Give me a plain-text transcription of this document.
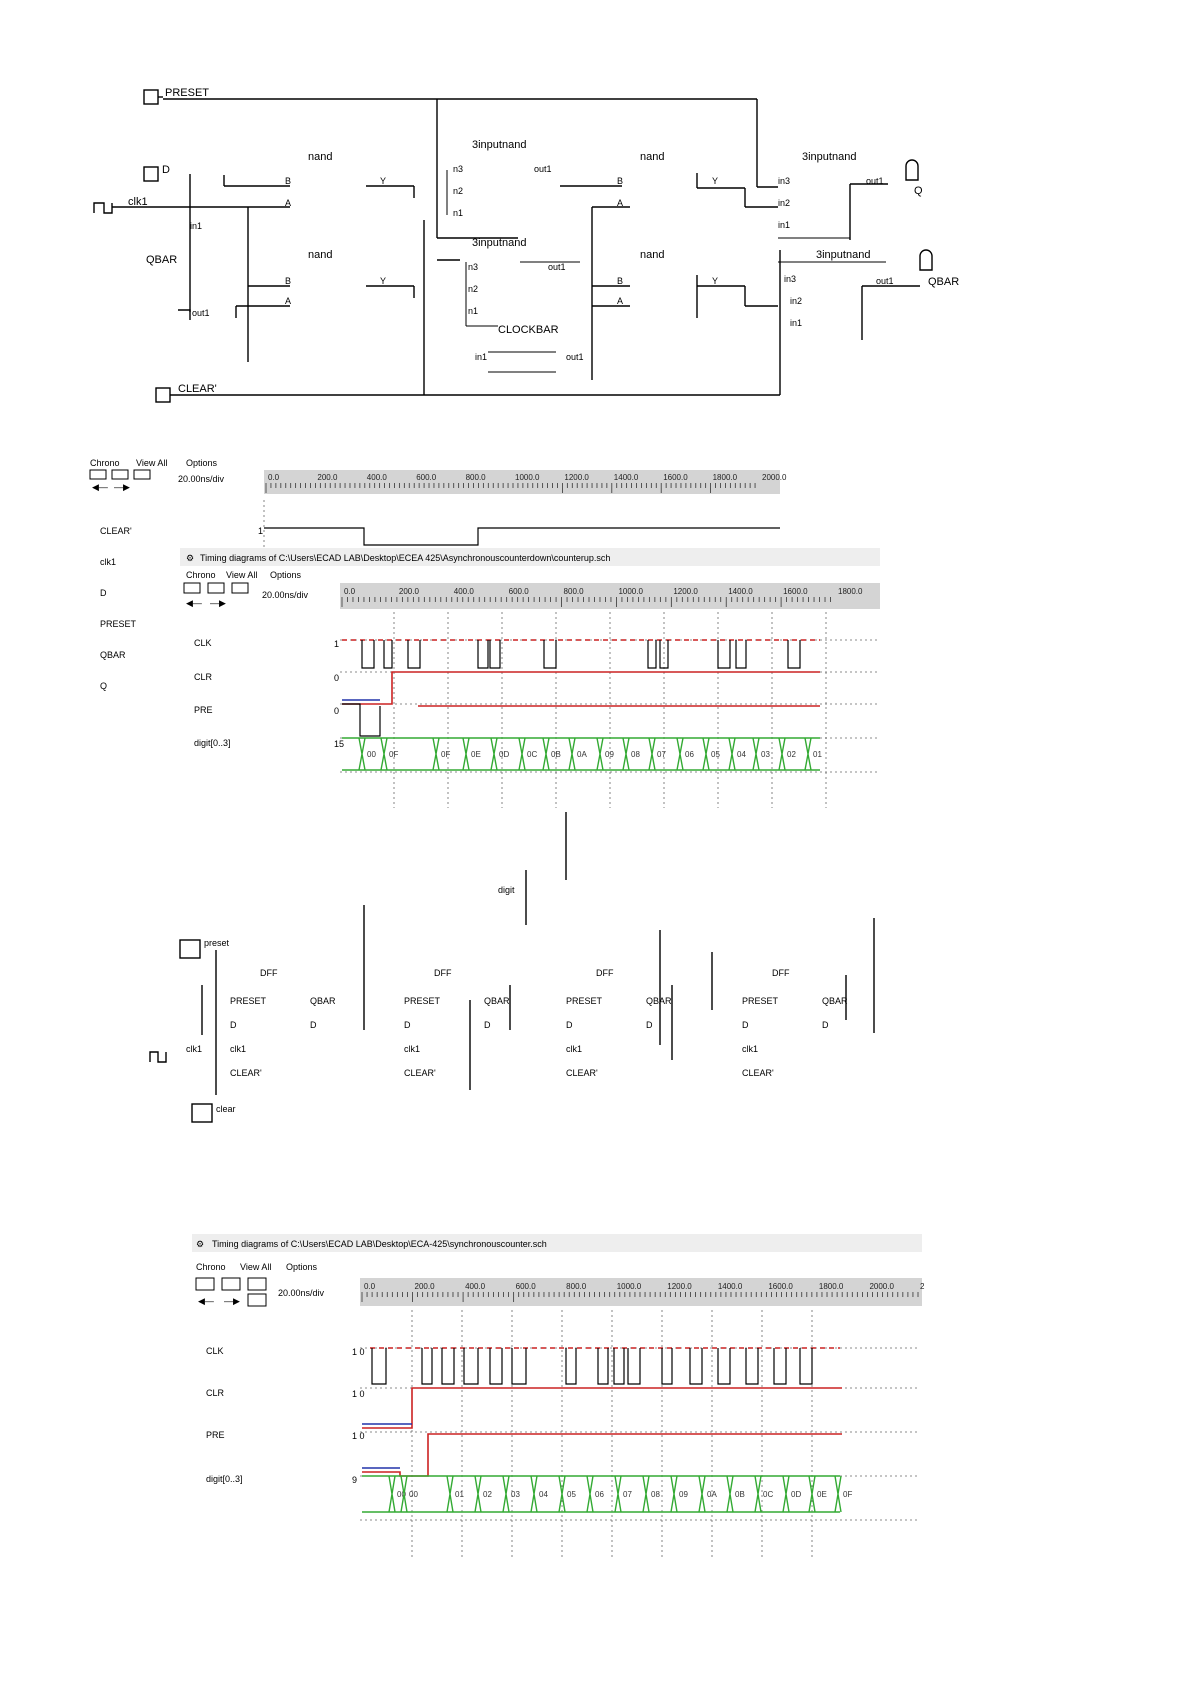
PRESET
D
clk1
in1
QBAR
out1
nand
B
A
Y
nand
B
A
Y
3inputnand
n3
n2
n1
out1
3inputnand
n3
n2
n1
out1
CLOCKBAR
in1	out1
nand
B
A
Y
nand
B
A
Y
3inputnand
in3
in2
in1
out1
Q
3inputnand
in3
in2
in1
out1	QBAR
CLEAR'
Chrono View All Options
◀— —▶
20.00ns/div	0.0	200.0	400.0	600.0	800.0	1000.0	1200.0	1400.0	1600.0	1800.0	2000.0
CLEAR'
clk1
D
PRESET
QBAR
Q
1
⚙ Timing diagrams of C:\Users\ECAD LAB\Desktop\ECEA 425\Asynchronouscounterdown\counterup.sch
Chrono View All Options
◀— —▶
20.00ns/div	0.0	200.0	400.0	600.0	800.0	1000.0	1200.0	1400.0	1600.0	1800.0
CLK	1
CLR	0
PRE	0
digit[0..3]	15
00 0F	0F	0E 0D 0C 0B 0A 09 08 07 06 05 04 03 02 01
digit
preset
clear
DFF
PRESET	QBAR
D	D
clk1
CLEAR'
DFF
PRESET	QBAR
D	D
clk1
CLEAR'
DFF
PRESET	QBAR
D	D
clk1
CLEAR'
DFF
PRESET	QBAR
D	D
clk1
CLEAR'
clk1
⚙ Timing diagrams of C:\Users\ECAD LAB\Desktop\ECA-425\synchronouscounter.sch
Chrono View All Options
◀— —▶
20.00ns/div
0.0	200.0	400.0	600.0	800.0	1000.0	1200.0	1400.0	1600.0	1800.0	2000.0	2
CLK	1 0
CLR	1 0
PRE	1 0
digit[0..3]	9
00 00	01 02 03 04 05 06 07 08 09 0A 0B 0C 0D 0E 0F
